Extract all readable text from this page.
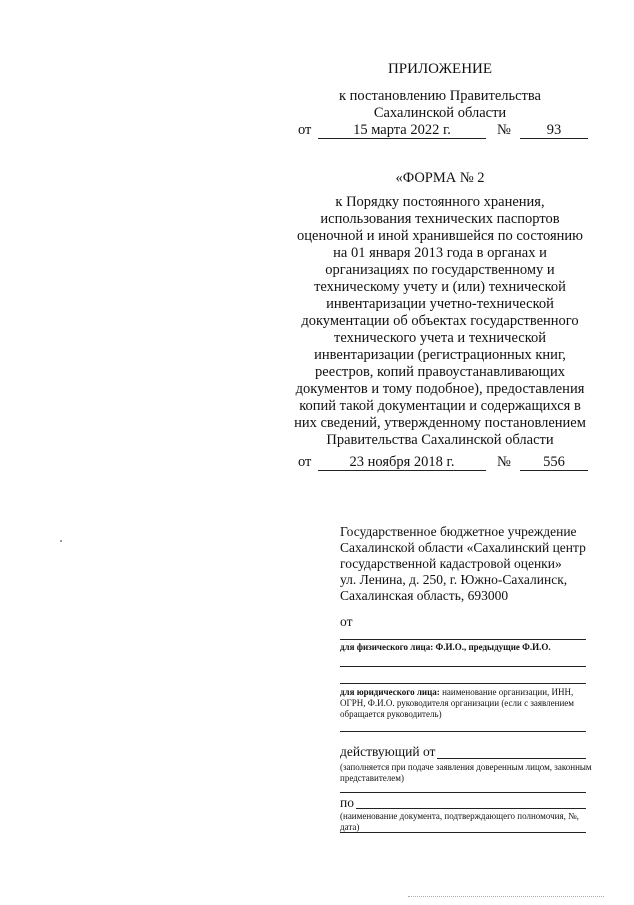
ПРИЛОЖЕНИЕ
к постановлению Правительства
Сахалинской области
от	15 марта 2022 г.	№	93
«ФОРМА № 2
к Порядку постоянного хранения,
использования технических паспортов
оценочной и иной хранившейся по состоянию
на 01 января 2013 года в органах и
организациях по государственному и
техническому учету и (или) технической
инвентаризации учетно-технической
документации об объектах государственного
технического учета и технической
инвентаризации (регистрационных книг,
реестров, копий правоустанавливающих
документов и тому подобное), предоставления
копий такой документации и содержащихся в
них сведений, утвержденному постановлением
Правительства Сахалинской области
от	23 ноября 2018 г.	№	556
Государственное бюджетное учреждение
Сахалинской области «Сахалинский центр
государственной кадастровой оценки»
ул. Ленина, д. 250, г. Южно-Сахалинск,
Сахалинская область, 693000
от
для физического лица: Ф.И.О., предыдущие Ф.И.О.
для юридического лица: наименование организации, ИНН,
ОГРН, Ф.И.О. руководителя организации (если с заявлением
обращается руководитель)
действующий от
(заполняется при подаче заявления доверенным лицом, законным
представителем)
по
(наименование документа, подтверждающего полномочия, №, дата)
